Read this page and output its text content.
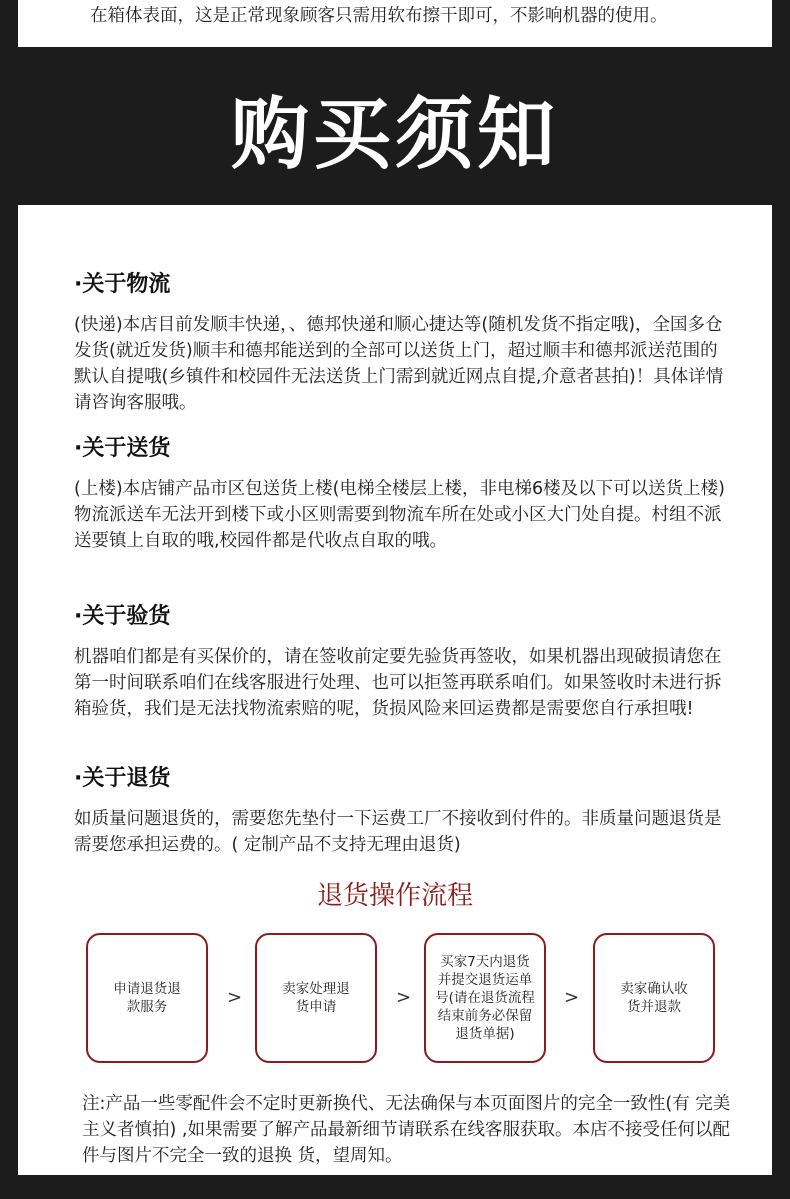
在箱体表面，这是正常现象顾客只需用软布擦干即可，不影响机器的使用。
购买须知
·关于物流
(快递)本店目前发顺丰快递，、德邦快递和顺心捷达等(随机发货不指定哦)，全国多仓发货(就近发货)顺丰和德邦能送到的全部可以送货上门，超过顺丰和德邦派送范围的默认自提哦(乡镇件和校园件无法送货上门需到就近网点自提,介意者甚拍)！具体详情请咨询客服哦。
·关于送货
(上楼)本店铺产品市区包送货上楼(电梯全楼层上楼，非电梯6楼及以下可以送货上楼)物流派送车无法开到楼下或小区则需要到物流车所在处或小区大门处自提。村组不派送要镇上自取的哦,校园件都是代收点自取的哦。
·关于验货
机器咱们都是有买保价的，请在签收前定要先验货再签收，如果机器出现破损请您在第一时间联系咱们在线客服进行处理、也可以拒签再联系咱们。如果签收时未进行拆箱验货，我们是无法找物流索赔的呢，货损风险来回运费都是需要您自行承担哦!
·关于退货
如质量问题退货的，需要您先垫付一下运费工厂不接收到付件的。非质量问题退货是需要您承担运费的。( 定制产品不支持无理由退货)
退货操作流程
申请退货退款服务	>	卖家处理退货申请	>
买家7天内退货并提交退货运单号(请在退货流程结束前务必保留退货单据)
>	卖家确认收货并退款
注:产品一些零配件会不定时更新换代、无法确保与本页面图片的完全一致性(有 完美主义者慎拍) ,如果需要了解产品最新细节请联系在线客服获取。本店不接受任何以配件与图片不完全一致的退换 货，望周知。
